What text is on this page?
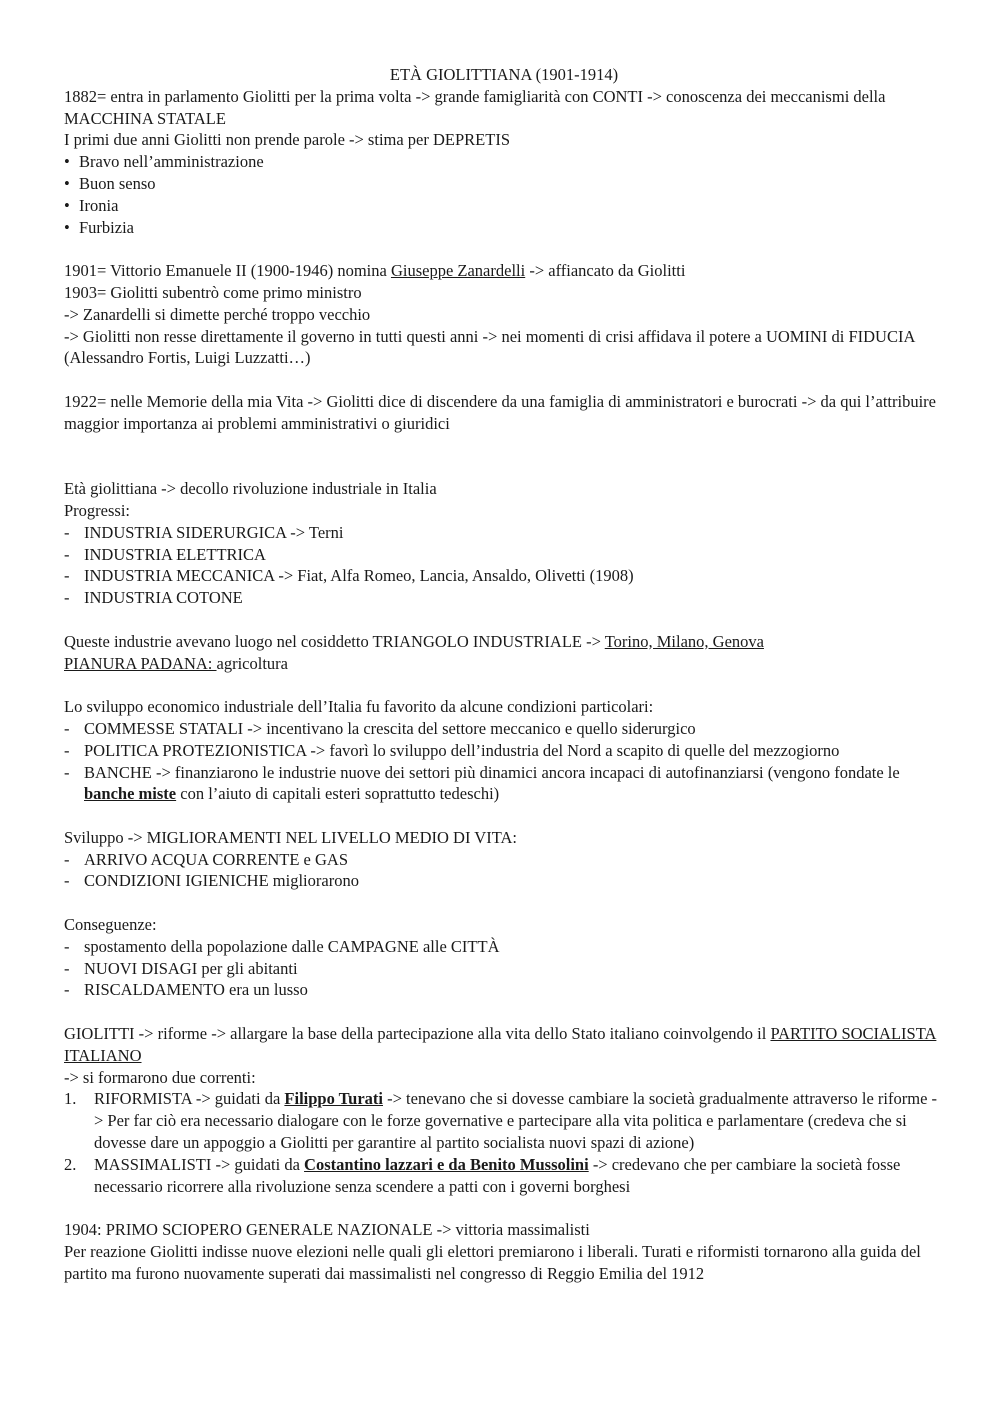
ETÀ GIOLITTIANA (1901-1914)
1882= entra in parlamento Giolitti per la prima volta -> grande famigliarità con CONTI -> conoscenza dei meccanismi della MACCHINA STATALE
I primi due anni Giolitti non prende parole -> stima per DEPRETIS
• Bravo nell’amministrazione
• Buon senso
• Ironia
• Furbizia
1901= Vittorio Emanuele II (1900-1946) nomina Giuseppe Zanardelli -> affiancato da Giolitti
1903= Giolitti subentrò come primo ministro
-> Zanardelli si dimette perché troppo vecchio
-> Giolitti non resse direttamente il governo in tutti questi anni -> nei momenti di crisi affidava il potere a UOMINI di FIDUCIA (Alessandro Fortis, Luigi Luzzatti…)
1922= nelle Memorie della mia Vita -> Giolitti dice di discendere da una famiglia di amministratori e burocrati -> da qui l’attribuire maggior importanza ai problemi amministrativi o giuridici
Età giolittiana -> decollo rivoluzione industriale in Italia
Progressi:
- INDUSTRIA SIDERURGICA -> Terni
- INDUSTRIA ELETTRICA
- INDUSTRIA MECCANICA -> Fiat, Alfa Romeo, Lancia, Ansaldo, Olivetti (1908)
- INDUSTRIA COTONE
Queste industrie avevano luogo nel cosiddetto TRIANGOLO INDUSTRIALE -> Torino, Milano, Genova
PIANURA PADANA: agricoltura
Lo sviluppo economico industriale dell’Italia fu favorito da alcune condizioni particolari:
- COMMESSE STATALI -> incentivano la crescita del settore meccanico e quello siderurgico
- POLITICA PROTEZIONISTICA -> favorì lo sviluppo dell’industria del Nord a scapito di quelle del mezzogiorno
- BANCHE -> finanziarono le industrie nuove dei settori più dinamici ancora incapaci di autofinanziarsi (vengono fondate le banche miste con l’aiuto di capitali esteri soprattutto tedeschi)
Sviluppo -> MIGLIORAMENTI NEL LIVELLO MEDIO DI VITA:
- ARRIVO ACQUA CORRENTE e GAS
- CONDIZIONI IGIENICHE migliorarono
Conseguenze:
- spostamento della popolazione dalle CAMPAGNE alle CITTÀ
- NUOVI DISAGI per gli abitanti
- RISCALDAMENTO era un lusso
GIOLITTI -> riforme -> allargare la base della partecipazione alla vita dello Stato italiano coinvolgendo il PARTITO SOCIALISTA ITALIANO
-> si formarono due correnti:
1.	RIFORMISTA -> guidati da Filippo Turati -> tenevano che si dovesse cambiare la società gradualmente attraverso le riforme -> Per far ciò era necessario dialogare con le forze governative e partecipare alla vita politica e parlamentare (credeva che si dovesse dare un appoggio a Giolitti per garantire al partito socialista nuovi spazi di azione)
2.	MASSIMALISTI -> guidati da Costantino lazzari e da Benito Mussolini -> credevano che per cambiare la società fosse necessario ricorrere alla rivoluzione senza scendere a patti con i governi borghesi
1904: PRIMO SCIOPERO GENERALE NAZIONALE -> vittoria massimalisti
Per reazione Giolitti indisse nuove elezioni nelle quali gli elettori premiarono i liberali. Turati e riformisti tornarono alla guida del partito ma furono nuovamente superati dai massimalisti nel congresso di Reggio Emilia del 1912
